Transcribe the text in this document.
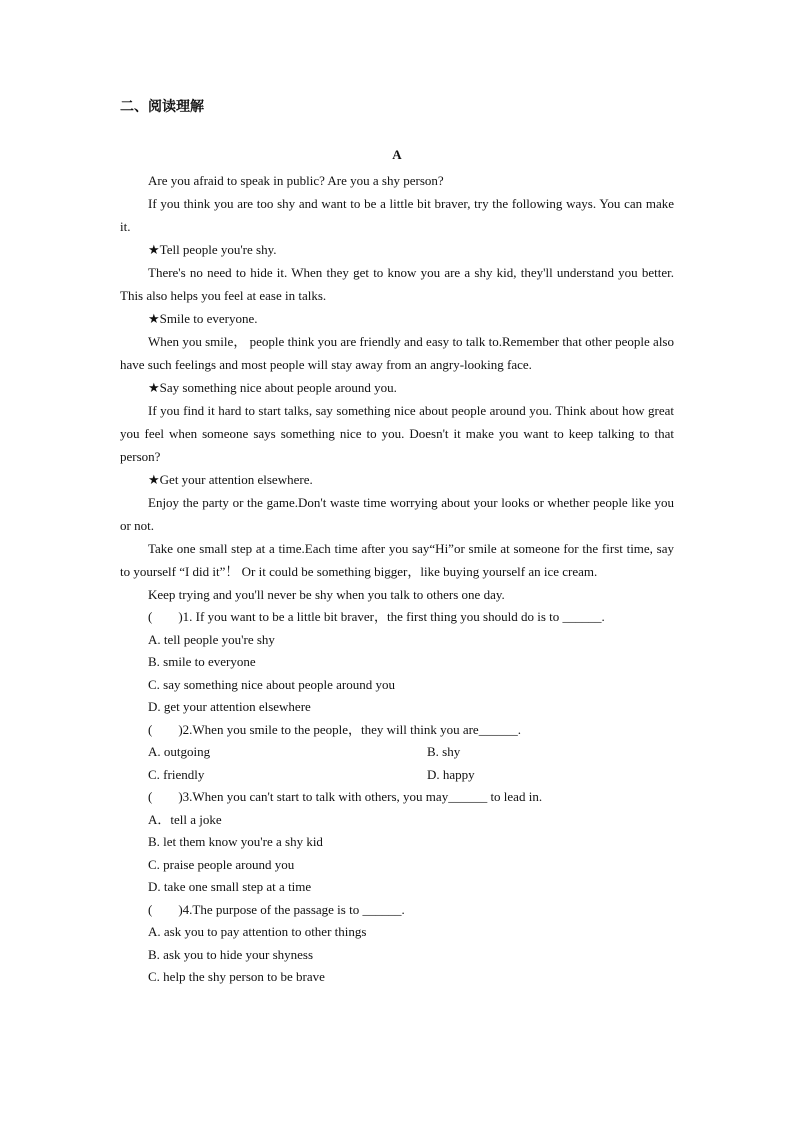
二、阅读理解
A

Are you afraid to speak in public? Are you a shy person?

If you think you are too shy and want to be a little bit braver, try the following ways. You can make it.

★Tell people you're shy.

There's no need to hide it. When they get to know you are a shy kid, they'll understand you better. This also helps you feel at ease in talks.

★Smile to everyone.

When you smile， people think you are friendly and easy to talk to.Remember that other people also have such feelings and most people will stay away from an angry-looking face.

★Say something nice about people around you.

If you find it hard to start talks, say something nice about people around you. Think about how great you feel when someone says something nice to you. Doesn't it make you want to keep talking to that person?

★Get your attention elsewhere.

Enjoy the party or the game.Don't waste time worrying about your looks or whether people like you or not.

Take one small step at a time.Each time after you say“Hi”or smile at someone for the first time, say to yourself “I did it”！ Or it could be something bigger，like buying yourself an ice cream.

Keep trying and you'll never be shy when you talk to others one day.

(　　)1. If you want to be a little bit braver，the first thing you should do is to ______.
A. tell people you're shy
B. smile to everyone
C. say something nice about people around you
D. get your attention elsewhere
(　　)2.When you smile to the people，they will think you are______.
A. outgoing	B. shy
C. friendly	D. happy
(　　)3.When you can't start to talk with others, you may______ to lead in.
A．tell a joke
B. let them know you're a shy kid
C. praise people around you
D. take one small step at a time
(　　)4.The purpose of the passage is to ______.
A. ask you to pay attention to other things
B. ask you to hide your shyness
C. help the shy person to be brave
